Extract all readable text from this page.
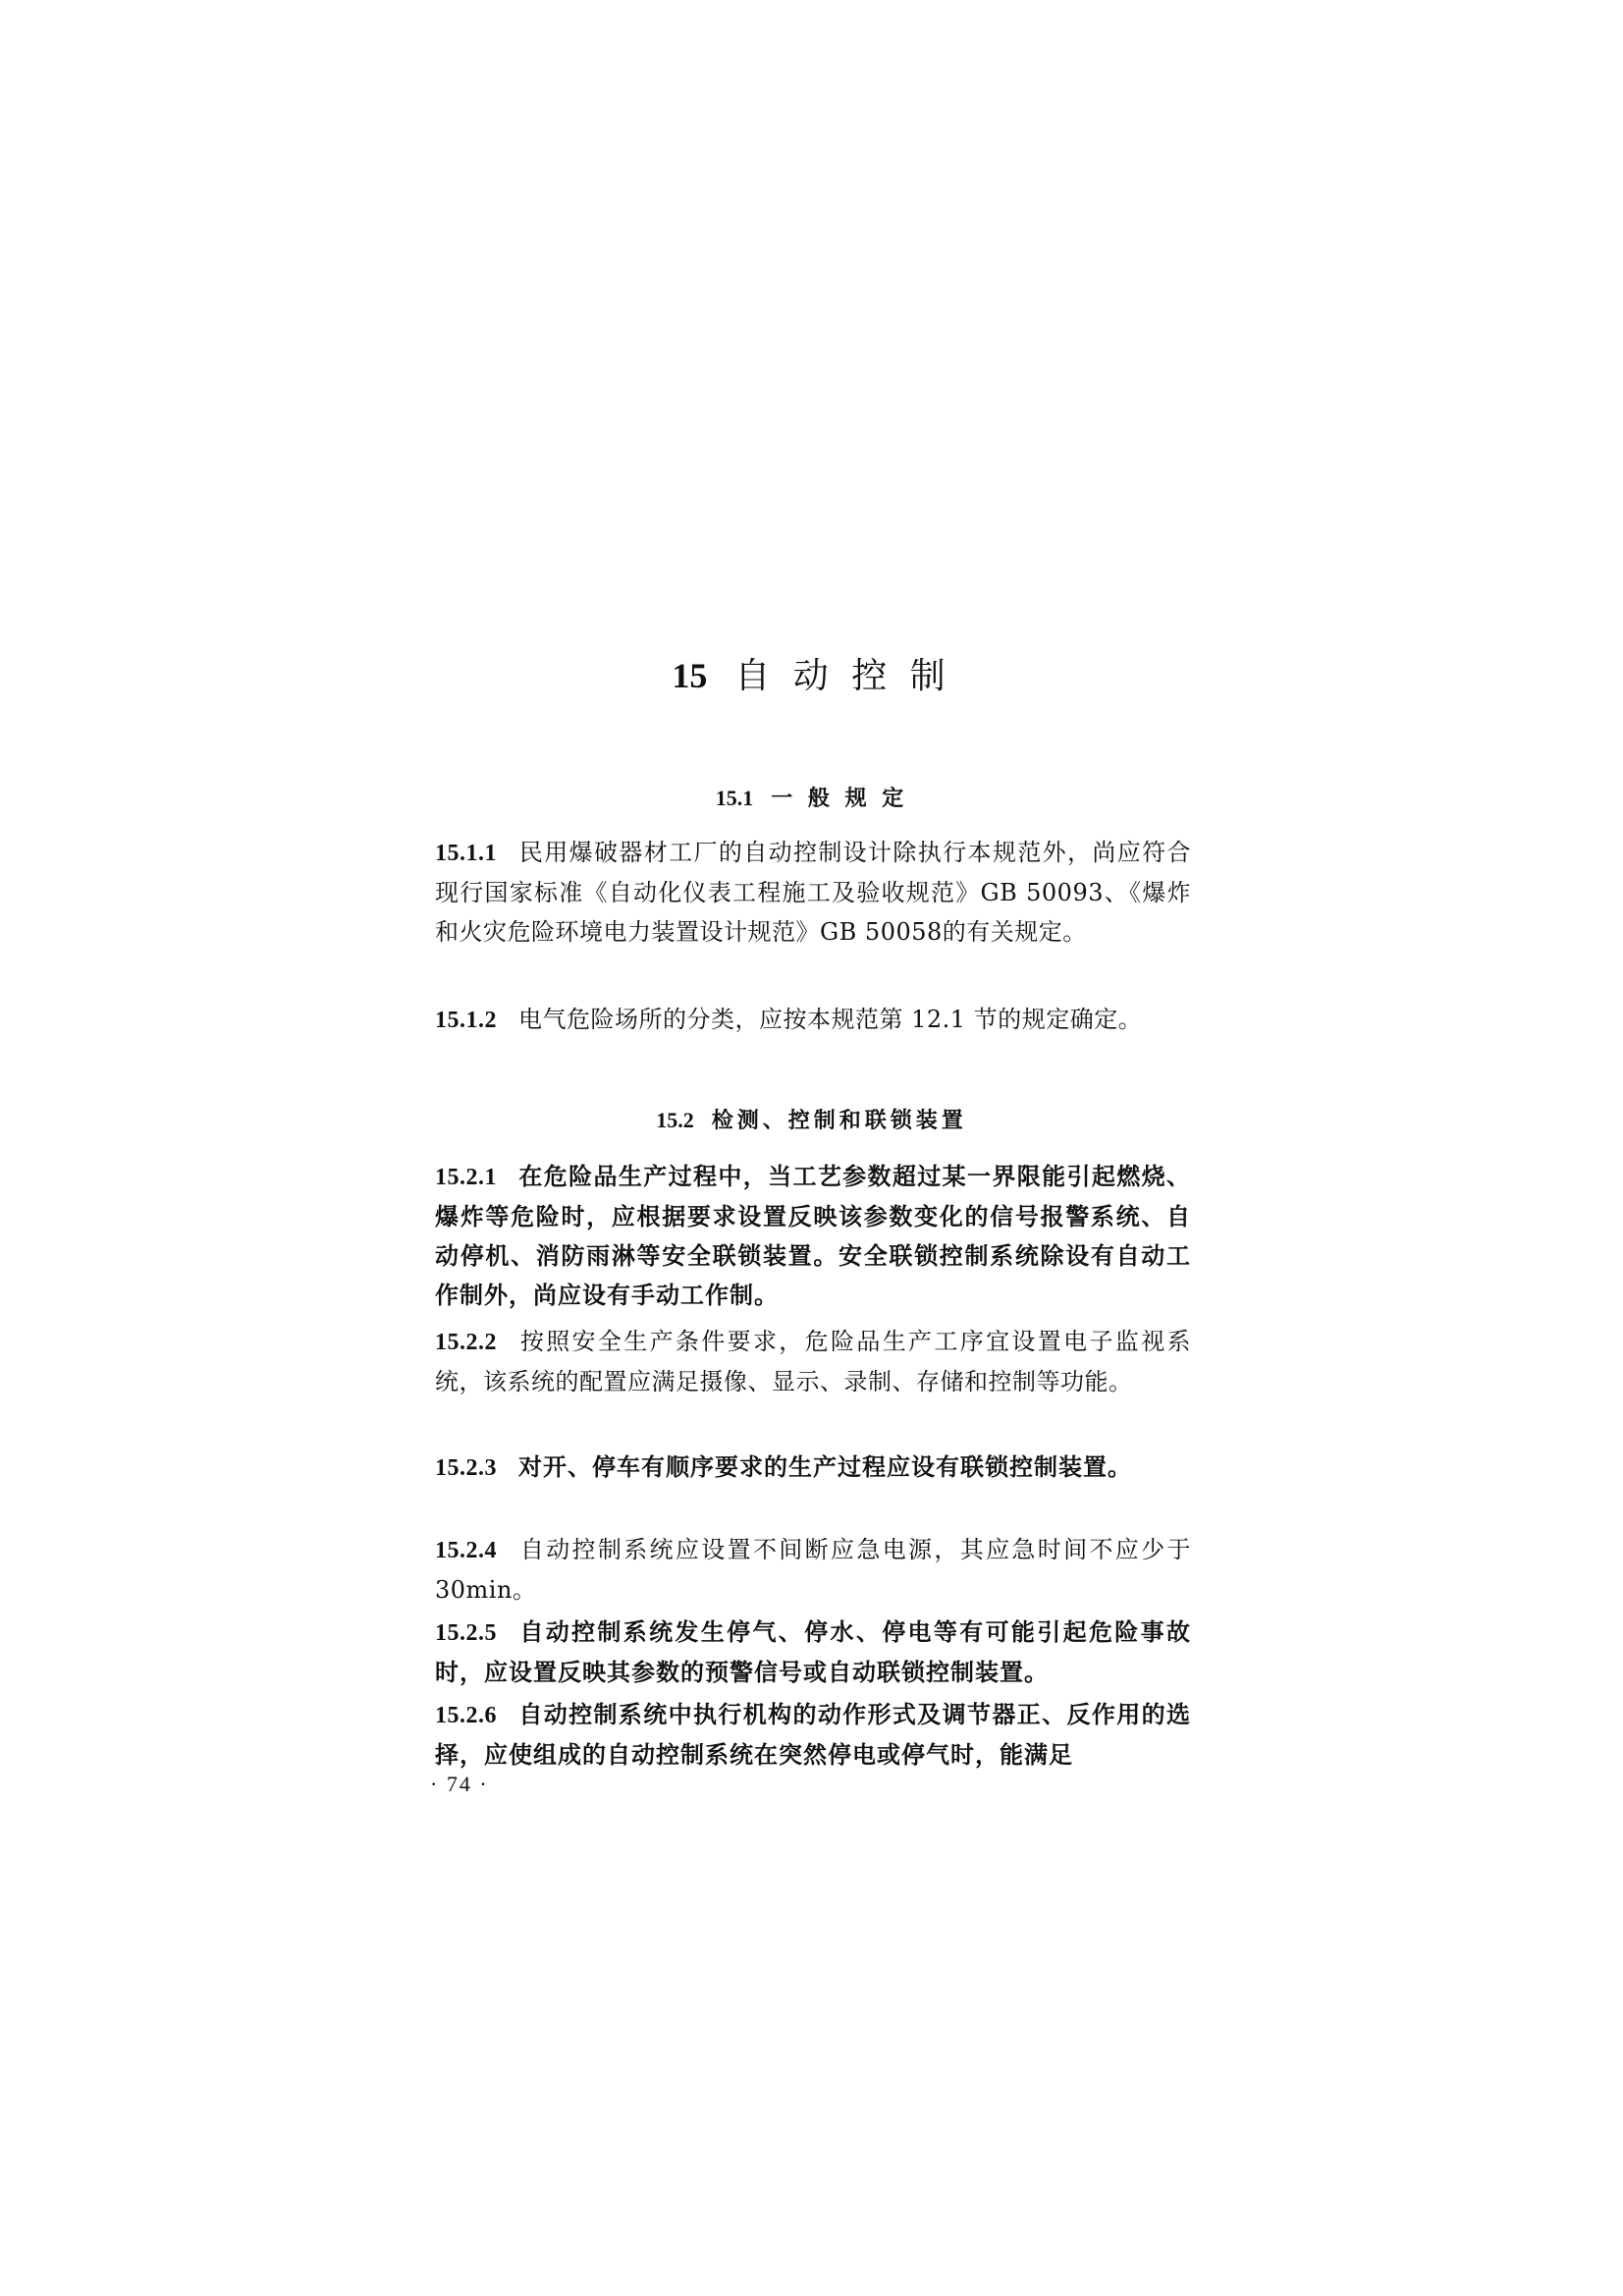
15 自 动 控 制
15.1 一 般 规 定
15.1.1 民用爆破器材工厂的自动控制设计除执行本规范外，尚应符合现行国家标准《自动化仪表工程施工及验收规范》GB 50093、《爆炸和火灾危险环境电力装置设计规范》GB 50058的有关规定。
15.1.2 电气危险场所的分类，应按本规范第 12.1 节的规定确定。
15.2 检测、控制和联锁装置
15.2.1 在危险品生产过程中，当工艺参数超过某一界限能引起燃烧、爆炸等危险时，应根据要求设置反映该参数变化的信号报警系统、自动停机、消防雨淋等安全联锁装置。安全联锁控制系统除设有自动工作制外，尚应设有手动工作制。
15.2.2 按照安全生产条件要求，危险品生产工序宜设置电子监视系统，该系统的配置应满足摄像、显示、录制、存储和控制等功能。
15.2.3 对开、停车有顺序要求的生产过程应设有联锁控制装置。
15.2.4 自动控制系统应设置不间断应急电源，其应急时间不应少于 30min。
15.2.5 自动控制系统发生停气、停水、停电等有可能引起危险事故时，应设置反映其参数的预警信号或自动联锁控制装置。
15.2.6 自动控制系统中执行机构的动作形式及调节器正、反作用的选择，应使组成的自动控制系统在突然停电或停气时，能满足
· 74 ·
